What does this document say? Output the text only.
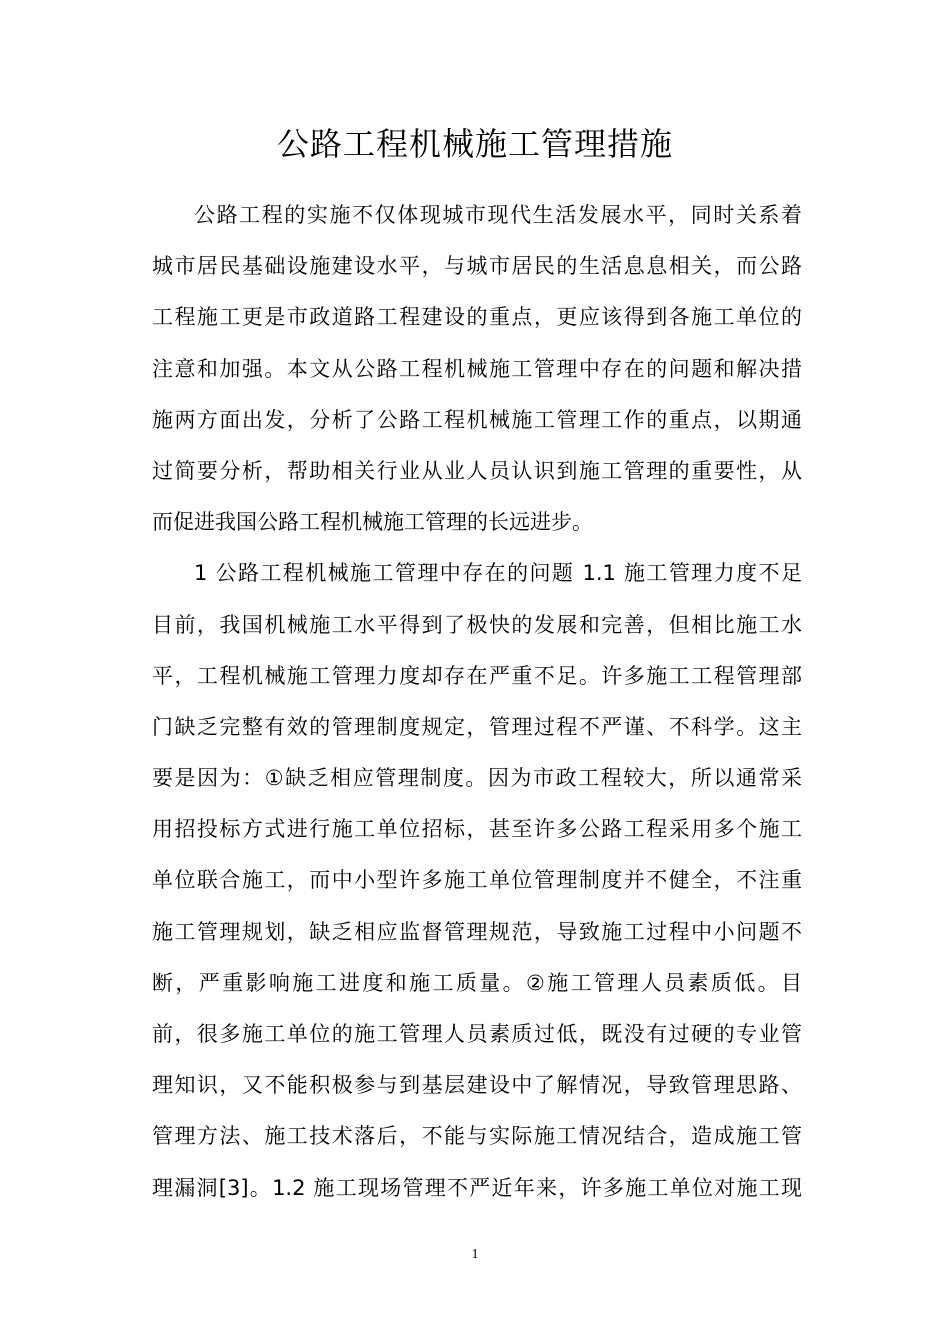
公路工程机械施工管理措施
公路工程的实施不仅体现城市现代生活发展水平，同时关系着
城市居民基础设施建设水平，与城市居民的生活息息相关，而公路
工程施工更是市政道路工程建设的重点，更应该得到各施工单位的
注意和加强。本文从公路工程机械施工管理中存在的问题和解决措
施两方面出发，分析了公路工程机械施工管理工作的重点，以期通
过简要分析，帮助相关行业从业人员认识到施工管理的重要性，从
而促进我国公路工程机械施工管理的长远进步。
1 公路工程机械施工管理中存在的问题 1.1 施工管理力度不足
目前，我国机械施工水平得到了极快的发展和完善，但相比施工水
平，工程机械施工管理力度却存在严重不足。许多施工工程管理部
门缺乏完整有效的管理制度规定，管理过程不严谨、不科学。这主
要是因为：①缺乏相应管理制度。因为市政工程较大，所以通常采
用招投标方式进行施工单位招标，甚至许多公路工程采用多个施工
单位联合施工，而中小型许多施工单位管理制度并不健全，不注重
施工管理规划，缺乏相应监督管理规范，导致施工过程中小问题不
断，严重影响施工进度和施工质量。②施工管理人员素质低。目
前，很多施工单位的施工管理人员素质过低，既没有过硬的专业管
理知识，又不能积极参与到基层建设中了解情况，导致管理思路、
管理方法、施工技术落后，不能与实际施工情况结合，造成施工管
理漏洞[3]。1.2 施工现场管理不严近年来，许多施工单位对施工现
1
